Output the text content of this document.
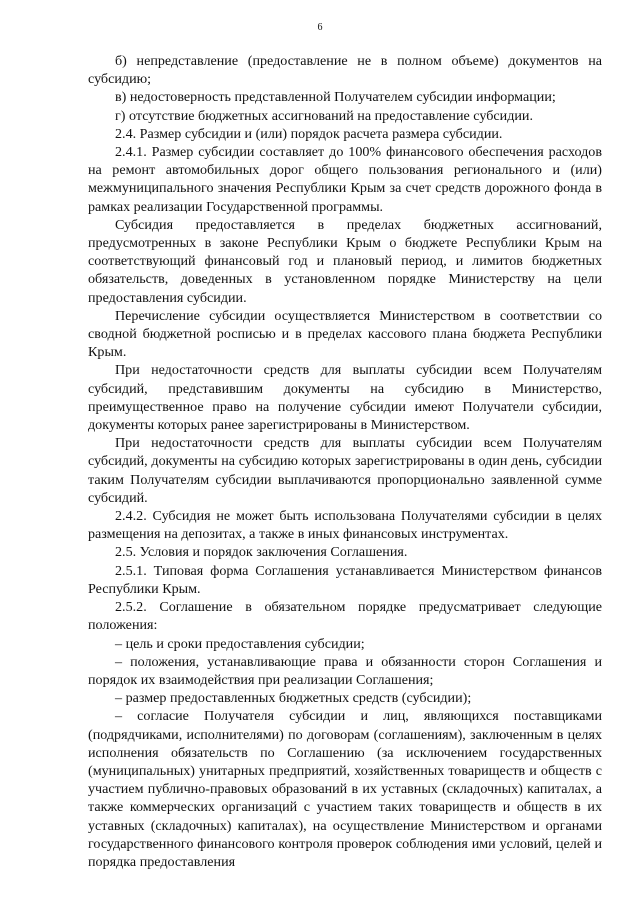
6

б) непредставление (предоставление не в полном объеме) документов на субсидию;

в) недостоверность представленной Получателем субсидии информации;

г) отсутствие бюджетных ассигнований на предоставление субсидии.

2.4. Размер субсидии и (или) порядок расчета размера субсидии.

2.4.1. Размер субсидии составляет до 100% финансового обеспечения расходов на ремонт автомобильных дорог общего пользования регионального и (или) межмуниципального значения Республики Крым за счет средств дорожного фонда в рамках реализации Государственной программы.

Субсидия предоставляется в пределах бюджетных ассигнований, предусмотренных в законе Республики Крым о бюджете Республики Крым на соответствующий финансовый год и плановый период, и лимитов бюджетных обязательств, доведенных в установленном порядке Министерству на цели предоставления субсидии.

Перечисление субсидии осуществляется Министерством в соответствии со сводной бюджетной росписью и в пределах кассового плана бюджета Республики Крым.

При недостаточности средств для выплаты субсидии всем Получателям субсидий, представившим документы на субсидию в Министерство, преимущественное право на получение субсидии имеют Получатели субсидии, документы которых ранее зарегистрированы в Министерством.

При недостаточности средств для выплаты субсидии всем Получателям субсидий, документы на субсидию которых зарегистрированы в один день, субсидии таким Получателям субсидии выплачиваются пропорционально заявленной сумме субсидий.

2.4.2. Субсидия не может быть использована Получателями субсидии в целях размещения на депозитах, а также в иных финансовых инструментах.

2.5. Условия и порядок заключения Соглашения.

2.5.1. Типовая форма Соглашения устанавливается Министерством финансов Республики Крым.

2.5.2. Соглашение в обязательном порядке предусматривает следующие положения:

– цель и сроки предоставления субсидии;

– положения, устанавливающие права и обязанности сторон Соглашения и порядок их взаимодействия при реализации Соглашения;

– размер предоставленных бюджетных средств (субсидии);

– согласие Получателя субсидии и лиц, являющихся поставщиками (подрядчиками, исполнителями) по договорам (соглашениям), заключенным в целях исполнения обязательств по Соглашению (за исключением государственных (муниципальных) унитарных предприятий, хозяйственных товариществ и обществ с участием публично-правовых образований в их уставных (складочных) капиталах, а также коммерческих организаций с участием таких товариществ и обществ в их уставных (складочных) капиталах), на осуществление Министерством и органами государственного финансового контроля проверок соблюдения ими условий, целей и порядка предоставления
